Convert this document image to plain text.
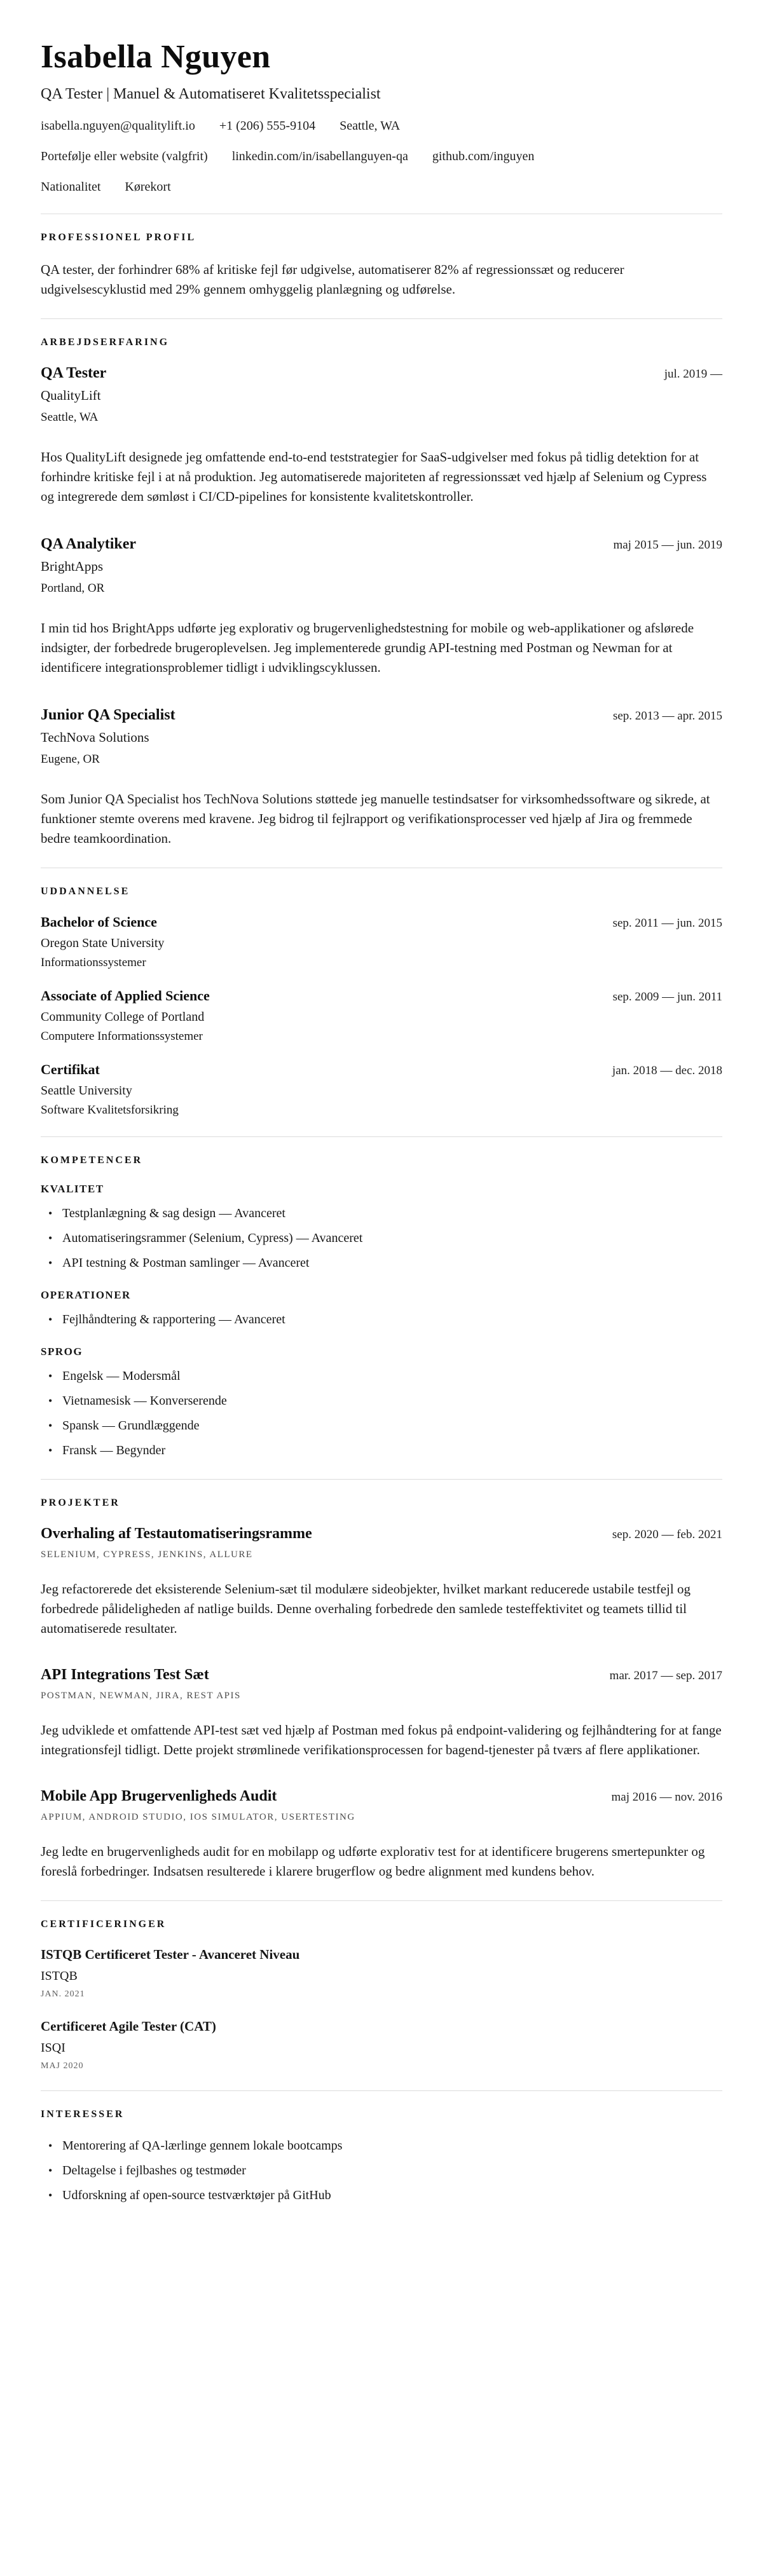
Isabella Nguyen
QA Tester | Manuel & Automatiseret Kvalitetsspecialist
isabella.nguyen@qualitylift.io +1 (206) 555-9104 Seattle, WA
Portefølje eller website (valgfrit) linkedin.com/in/isabellanguyen-qa github.com/inguyen
Nationalitet Kørekort
PROFESSIONEL PROFIL

QA tester, der forhindrer 68% af kritiske fejl før udgivelse, automatiserer 82% af regressionssæt og reducerer udgivelsescyklustid med 29% gennem omhyggelig planlægning og udførelse.

ARBEJDSERFARING
QA Tester	jul. 2019 —
QualityLift
Seattle, WA

Hos QualityLift designede jeg omfattende end-to-end teststrategier for SaaS-udgivelser med fokus på tidlig detektion for at forhindre kritiske fejl i at nå produktion. Jeg automatiserede majoriteten af regressionssæt ved hjælp af Selenium og Cypress og integrerede dem sømløst i CI/CD-pipelines for konsistente kvalitetskontroller.

QA Analytiker	maj 2015 — jun. 2019
BrightApps
Portland, OR

I min tid hos BrightApps udførte jeg explorativ og brugervenlighedstestning for mobile og web-applikationer og afslørede indsigter, der forbedrede brugeroplevelsen. Jeg implementerede grundig API-testning med Postman og Newman for at identificere integrationsproblemer tidligt i udviklingscyklussen.

Junior QA Specialist	sep. 2013 — apr. 2015
TechNova Solutions
Eugene, OR

Som Junior QA Specialist hos TechNova Solutions støttede jeg manuelle testindsatser for virksomhedssoftware og sikrede, at funktioner stemte overens med kravene. Jeg bidrog til fejlrapport og verifikationsprocesser ved hjælp af Jira og fremmede bedre teamkoordination.

UDDANNELSE
Bachelor of Science	sep. 2011 — jun. 2015
Oregon State University
Informationssystemer
Associate of Applied Science	sep. 2009 — jun. 2011
Community College of Portland
Computere Informationssystemer
Certifikat	jan. 2018 — dec. 2018
Seattle University
Software Kvalitetsforsikring
KOMPETENCER
KVALITET
• Testplanlægning & sag design — Avanceret
• Automatiseringsrammer (Selenium, Cypress) — Avanceret
• API testning & Postman samlinger — Avanceret
OPERATIONER
• Fejlhåndtering & rapportering — Avanceret
SPROG
• Engelsk — Modersmål
• Vietnamesisk — Konverserende
• Spansk — Grundlæggende
• Fransk — Begynder
PROJEKTER
Overhaling af Testautomatiseringsramme	sep. 2020 — feb. 2021
SELENIUM, CYPRESS, JENKINS, ALLURE

Jeg refactorerede det eksisterende Selenium-sæt til modulære sideobjekter, hvilket markant reducerede ustabile testfejl og forbedrede pålideligheden af natlige builds. Denne overhaling forbedrede den samlede testeffektivitet og teamets tillid til automatiserede resultater.

API Integrations Test Sæt	mar. 2017 — sep. 2017
POSTMAN, NEWMAN, JIRA, REST APIS

Jeg udviklede et omfattende API-test sæt ved hjælp af Postman med fokus på endpoint-validering og fejlhåndtering for at fange integrationsfejl tidligt. Dette projekt strømlinede verifikationsprocessen for bagend-tjenester på tværs af flere applikationer.

Mobile App Brugervenligheds Audit	maj 2016 — nov. 2016
APPIUM, ANDROID STUDIO, IOS SIMULATOR, USERTESTING

Jeg ledte en brugervenligheds audit for en mobilapp og udførte explorativ test for at identificere brugerens smertepunkter og foreslå forbedringer. Indsatsen resulterede i klarere brugerflow og bedre alignment med kundens behov.

CERTIFICERINGER
ISTQB Certificeret Tester - Avanceret Niveau
ISTQB
JAN. 2021
Certificeret Agile Tester (CAT)
ISQI
MAJ 2020
INTERESSER
• Mentorering af QA-lærlinge gennem lokale bootcamps
• Deltagelse i fejlbashes og testmøder
• Udforskning af open-source testværktøjer på GitHub
